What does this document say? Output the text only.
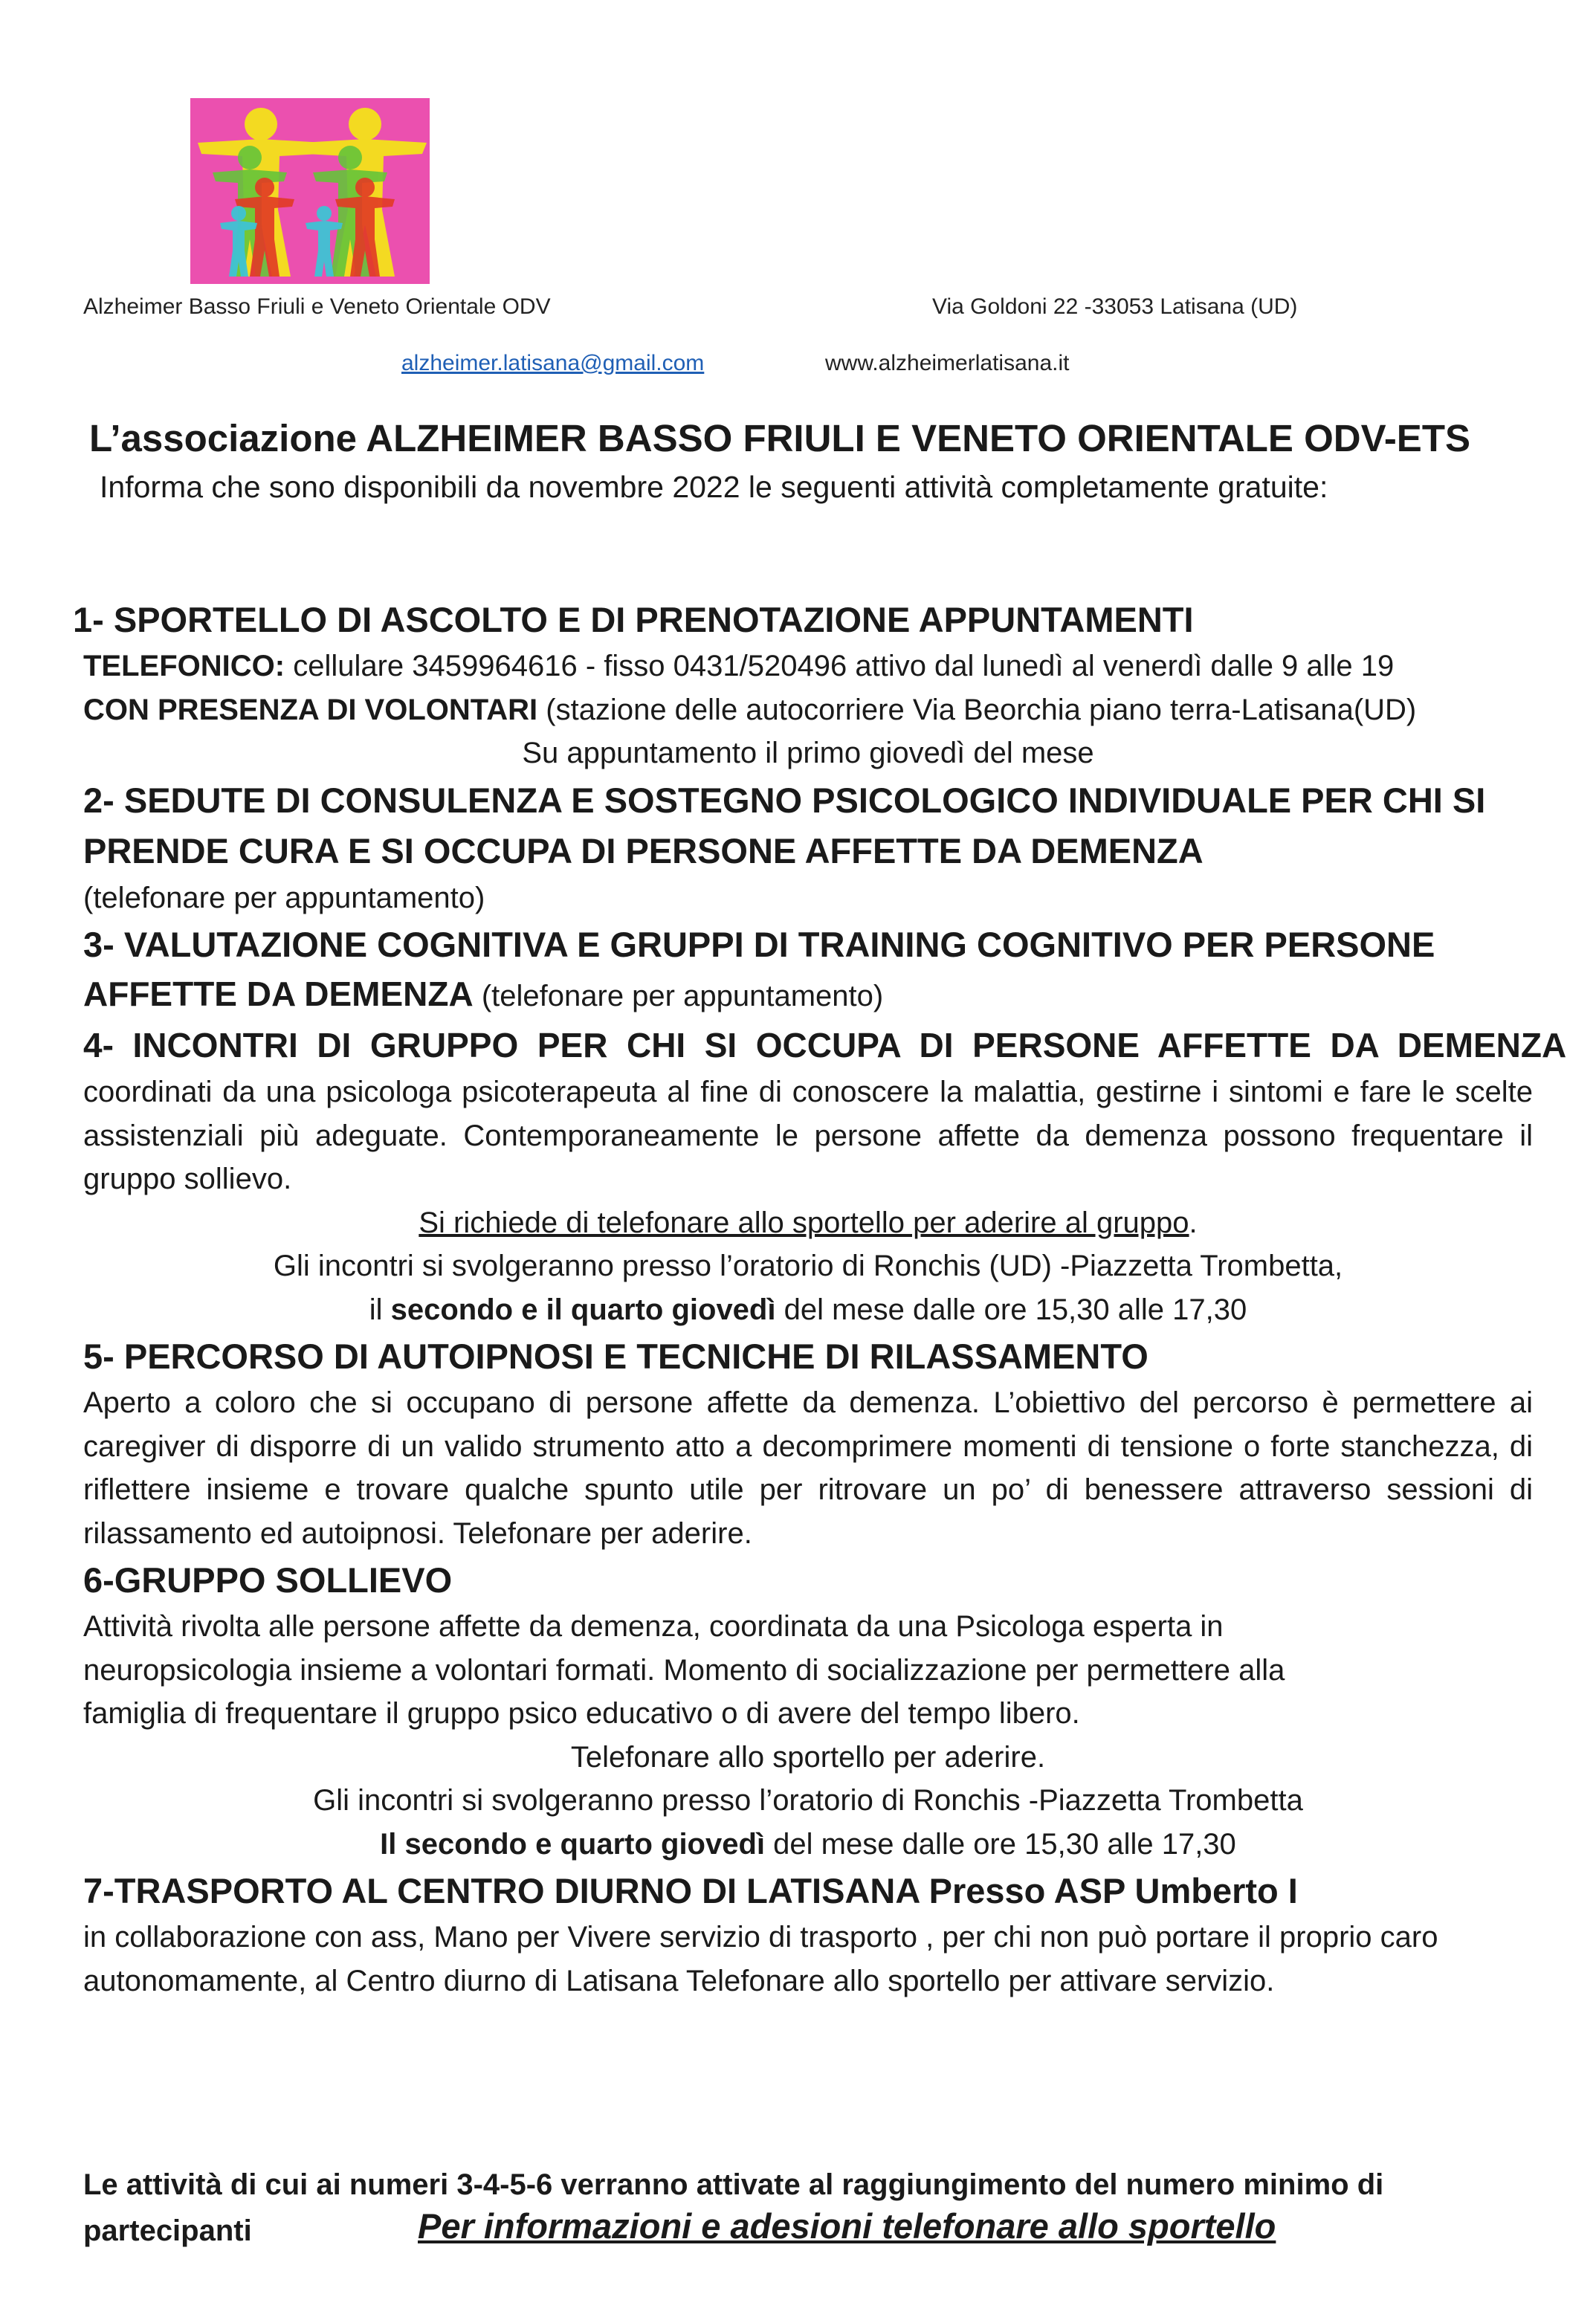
Alzheimer Basso Friuli e Veneto Orientale ODV	Via Goldoni 22 -33053 Latisana (UD)
alzheimer.latisana@gmail.com	www.alzheimerlatisana.it
L’associazione ALZHEIMER BASSO FRIULI E VENETO ORIENTALE ODV-ETS
Informa che sono disponibili da novembre 2022 le seguenti attività completamente gratuite:

1- SPORTELLO DI ASCOLTO E DI PRENOTAZIONE APPUNTAMENTI

TELEFONICO: cellulare 3459964616 - fisso 0431/520496 attivo dal lunedì al venerdì dalle 9 alle 19

CON PRESENZA DI VOLONTARI (stazione delle autocorriere Via Beorchia piano terra-Latisana(UD)

Su appuntamento il primo giovedì del mese

2- SEDUTE DI CONSULENZA E SOSTEGNO PSICOLOGICO INDIVIDUALE PER CHI SI PRENDE CURA E SI OCCUPA DI PERSONE AFFETTE DA DEMENZA

(telefonare per appuntamento)

3- VALUTAZIONE COGNITIVA E GRUPPI DI TRAINING COGNITIVO PER PERSONE

AFFETTE DA DEMENZA (telefonare per appuntamento)

4-  INCONTRI  DI  GRUPPO  PER  CHI  SI  OCCUPA  DI  PERSONE  AFFETTE  DA  DEMENZA

coordinati da una psicologa psicoterapeuta al fine di conoscere la malattia, gestirne i sintomi e fare le scelte assistenziali più adeguate. Contemporaneamente le persone affette da demenza possono frequentare il gruppo sollievo.

Si richiede di telefonare allo sportello per aderire al gruppo.

Gli incontri si svolgeranno presso l’oratorio di Ronchis (UD) -Piazzetta Trombetta,

il secondo e il quarto giovedì del mese dalle ore 15,30 alle 17,30

5- PERCORSO DI AUTOIPNOSI E TECNICHE DI RILASSAMENTO

Aperto a coloro che si occupano di persone affette da demenza. L’obiettivo del percorso è permettere ai caregiver di disporre di un valido strumento atto a decomprimere momenti di tensione o forte stanchezza, di riflettere insieme e trovare qualche spunto utile per ritrovare un po’ di benessere attraverso sessioni di rilassamento ed autoipnosi. Telefonare per aderire.

6-GRUPPO SOLLIEVO

Attività rivolta alle persone affette da demenza, coordinata da una Psicologa esperta in neuropsicologia insieme a volontari formati. Momento di socializzazione per permettere alla famiglia di frequentare il gruppo psico educativo o di avere del tempo libero.

Telefonare allo sportello per aderire.

Gli incontri si svolgeranno presso l’oratorio di Ronchis -Piazzetta Trombetta

Il secondo e quarto giovedì del mese dalle ore 15,30 alle 17,30

7-TRASPORTO AL CENTRO DIURNO DI LATISANA Presso ASP Umberto I

in collaborazione con ass, Mano per Vivere servizio di trasporto , per chi non può portare il proprio caro autonomamente, al Centro diurno di Latisana Telefonare allo sportello per attivare servizio.

Le attività di cui ai numeri 3-4-5-6 verranno attivate al raggiungimento del numero minimo di
partecipanti	Per informazioni e adesioni telefonare allo sportello
